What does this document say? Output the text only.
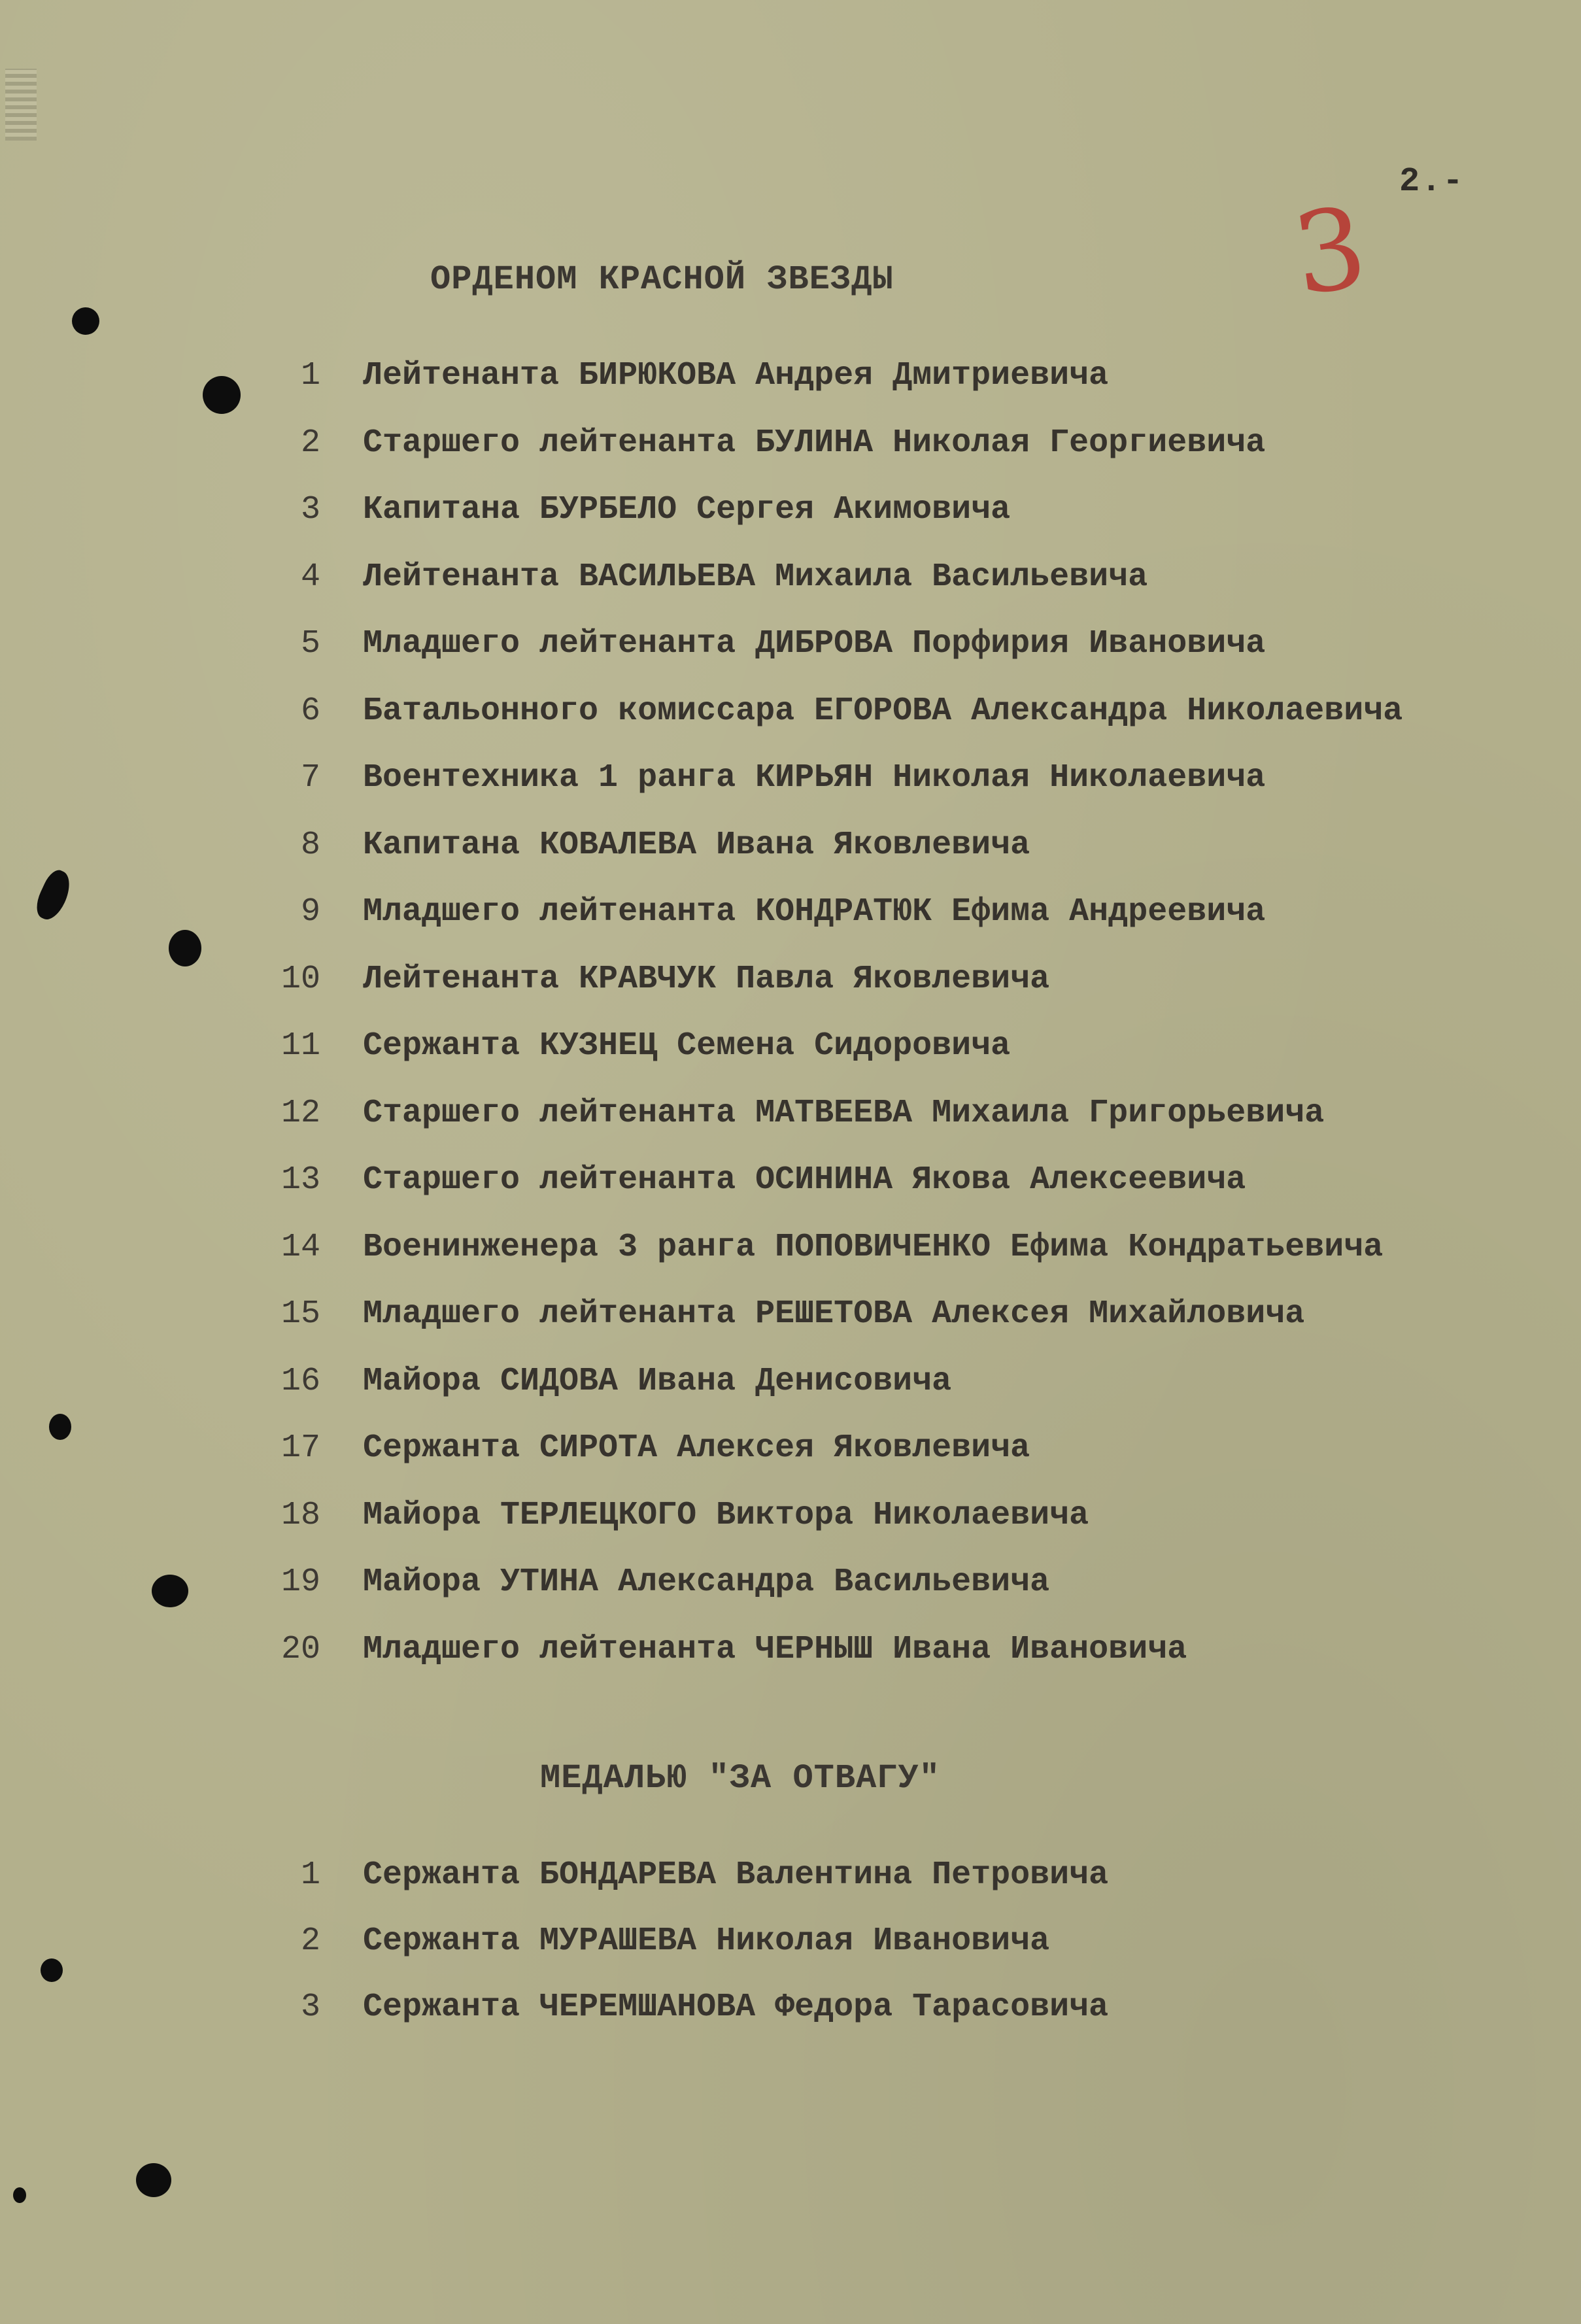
2.-
3
ОРДЕНОМ КРАСНОЙ ЗВЕЗДЫ
1 Лейтенанта БИРЮКОВА Андрея Дмитриевича
2 Старшего лейтенанта БУЛИНА Николая Георгиевича
3 Капитана БУРБЕЛО Сергея Акимовича
4 Лейтенанта ВАСИЛЬЕВА Михаила Васильевича
5 Младшего лейтенанта ДИБРОВА Порфирия Ивановича
6 Батальонного комиссара ЕГОРОВА Александра Николаевича
7 Воентехника 1 ранга КИРЬЯН Николая Николаевича
8 Капитана КОВАЛЕВА Ивана Яковлевича
9 Младшего лейтенанта КОНДРАТЮК Ефима Андреевича
10 Лейтенанта КРАВЧУК Павла Яковлевича
11 Сержанта КУЗНЕЦ Семена Сидоровича
12 Старшего лейтенанта МАТВЕЕВА Михаила Григорьевича
13 Старшего лейтенанта ОСИНИНА Якова Алексеевича
14 Военинженера 3 ранга ПОПОВИЧЕНКО Ефима Кондратьевича
15 Младшего лейтенанта РЕШЕТОВА Алексея Михайловича
16 Майора СИДОВА Ивана Денисовича
17 Сержанта СИРОТА Алексея Яковлевича
18 Майора ТЕРЛЕЦКОГО Виктора Николаевича
19 Майора УТИНА Александра Васильевича
20 Младшего лейтенанта ЧЕРНЫШ Ивана Ивановича
МЕДАЛЬЮ "ЗА ОТВАГУ"
1 Сержанта БОНДАРЕВА Валентина Петровича
2 Сержанта МУРАШЕВА Николая Ивановича
3 Сержанта ЧЕРЕМШАНОВА Федора Тарасовича
